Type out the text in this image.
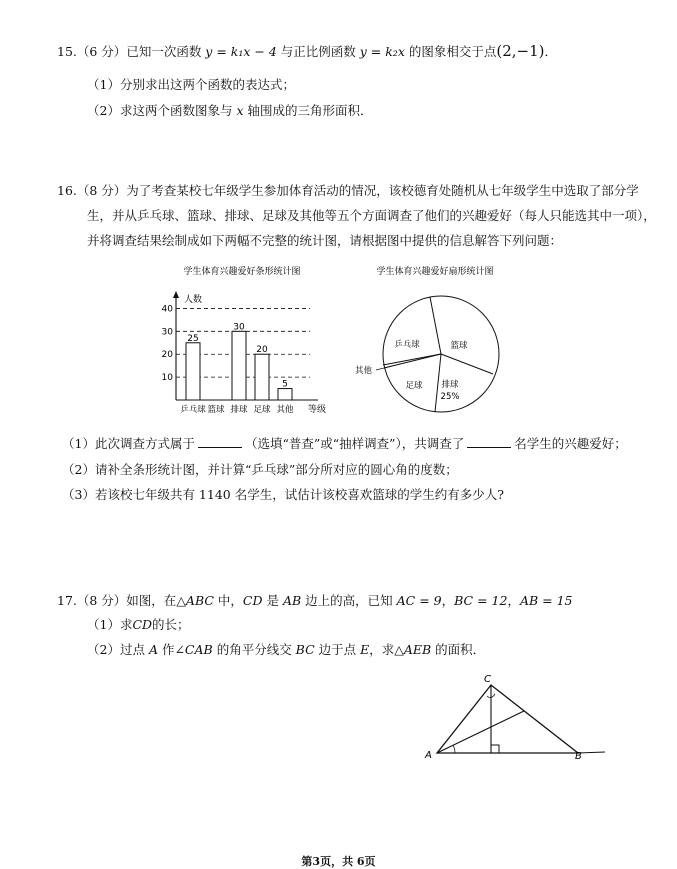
15.（6 分）已知一次函数 y = k₁x − 4 与正比例函数 y = k₂x 的图象相交于点(2,−1)．
（1）分别求出这两个函数的表达式；
（2）求这两个函数图象与 x 轴围成的三角形面积．
16.（8 分）为了考查某校七年级学生参加体育活动的情况，该校德育处随机从七年级学生中选取了部分学
生，并从乒乓球、篮球、排球、足球及其他等五个方面调查了他们的兴趣爱好（每人只能选其中一项），
并将调查结果绘制成如下两幅不完整的统计图，请根据图中提供的信息解答下列问题：
学生体育兴趣爱好条形统计图
10
20
30
40
25
30
20
5
乒乓球 篮球 排球 足球 其他
人数
等级
学生体育兴趣爱好扇形统计图
乒乓球	篮球
足球 排球
25%
其他
（1）此次调查方式属于	（选填“普查”或“抽样调查”），共调查了	名学生的兴趣爱好；
（2）请补全条形统计图，并计算“乒乓球”部分所对应的圆心角的度数；
（3）若该校七年级共有 1140 名学生，试估计该校喜欢篮球的学生约有多少人?
17.（8 分）如图，在△ABC 中，CD 是 AB 边上的高，已知 AC = 9，BC = 12，AB = 15
（1）求CD的长；
（2）过点 A 作∠CAB 的角平分线交 BC 边于点 E，求△AEB 的面积．
A	B
C
第3页，共 6页
